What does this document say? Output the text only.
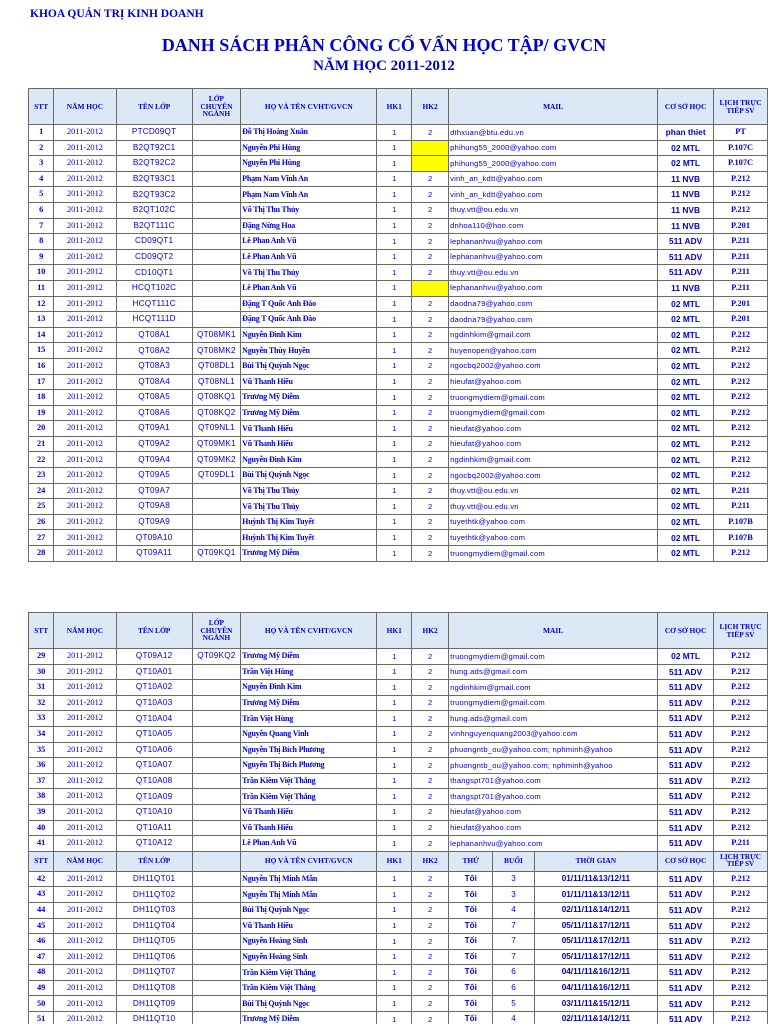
KHOA QUẢN TRỊ KINH DOANH
DANH SÁCH PHÂN CÔNG CỐ VẤN HỌC TẬP/ GVCN
NĂM HỌC 2011-2012
STT	NĂM HỌC	TÊN LỚP	LỚP CHUYÊN NGÀNH	HỌ VÀ TÊN CVHT/GVCN	HK1	HK2	MAIL	CƠ SỞ HỌC	LỊCH TRỰC TIẾP SV
1	2011-2012	PTCD09QT		Đỗ Thị Hoàng Xuân	1	2	dthxuan@btu.edu.vn	phan thiet	PT
2	2011-2012	B2QT92C1		Nguyễn Phi Hùng	1		phihung55_2000@yahoo.com	02 MTL	P.107C
3	2011-2012	B2QT92C2		Nguyễn Phi Hùng	1		phihung55_2000@yahoo.com	02 MTL	P.107C
4	2011-2012	B2QT93C1		Phạm Nam Vĩnh An	1	2	vinh_an_kdtt@yahoo.com	11 NVB	P.212
5	2011-2012	B2QT93C2		Phạm Nam Vĩnh An	1	2	vinh_an_kdtt@yahoo.com	11 NVB	P.212
6	2011-2012	B2QT102C		Võ Thị Thu Thủy	1	2	thuy.vtt@ou.edu.vn	11 NVB	P.212
7	2011-2012	B2QT111C		Đặng Nừng Hoa	1	2	dnhoa110@hoo.com	11 NVB	P.201
8	2011-2012	CD09QT1		Lê Phan Anh Vũ	1	2	lephananhvu@yahoo.com	511 ADV	P.211
9	2011-2012	CD09QT2		Lê Phan Anh Vũ	1	2	lephananhvu@yahoo.com	511 ADV	P.211
10	2011-2012	CD10QT1		Võ Thị Thu Thủy	1	2	thuy.vtt@ou.edu.vn	511 ADV	P.211
11	2011-2012	HCQT102C		Lê Phan Anh Vũ	1		lephananhvu@yahoo.com	11 NVB	P.211
12	2011-2012	HCQT111C		Đặng T Quốc Anh Đào	1	2	daodna79@yahoo.com	02 MTL	P.201
13	2011-2012	HCQT111D		Đặng T Quốc Anh Đào	1	2	daodna79@yahoo.com	02 MTL	P.201
14	2011-2012	QT08A1	QT08MK1	Nguyễn Đình Kim	1	2	ngdinhkim@gmail.com	02 MTL	P.212
15	2011-2012	QT08A2	QT08MK2	Nguyễn Thùy Huyền	1	2	huyenopen@yahoo.com	02 MTL	P.212
16	2011-2012	QT08A3	QT08DL1	Bùi Thị Quỳnh Ngọc	1	2	ngocbq2002@yahoo.com	02 MTL	P.212
17	2011-2012	QT08A4	QT08NL1	Vũ Thanh Hiếu	1	2	hieufat@yahoo.com	02 MTL	P.212
18	2011-2012	QT08A5	QT08KQ1	Trương Mỹ Diễm	1	2	truongmydiem@gmail.com	02 MTL	P.212
19	2011-2012	QT08A6	QT08KQ2	Trương Mỹ Diễm	1	2	truongmydiem@gmail.com	02 MTL	P.212
20	2011-2012	QT09A1	QT09NL1	Vũ Thanh Hiếu	1	2	hieufat@yahoo.com	02 MTL	P.212
21	2011-2012	QT09A2	QT09MK1	Vũ Thanh Hiếu	1	2	hieufat@yahoo.com	02 MTL	P.212
22	2011-2012	QT09A4	QT09MK2	Nguyễn Đình Kim	1	2	ngdinhkim@gmail.com	02 MTL	P.212
23	2011-2012	QT09A5	QT09DL1	Bùi Thị Quỳnh Ngọc	1	2	ngocbq2002@yahoo.com	02 MTL	P.212
24	2011-2012	QT09A7		Võ Thị Thu Thủy	1	2	thuy.vtt@ou.edu.vn	02 MTL	P.211
25	2011-2012	QT09A8		Võ Thị Thu Thủy	1	2	thuy.vtt@ou.edu.vn	02 MTL	P.211
26	2011-2012	QT09A9		Huỳnh Thị Kim Tuyết	1	2	tuyethtk@yahoo.com	02 MTL	P.107B
27	2011-2012	QT09A10		Huỳnh Thị Kim Tuyết	1	2	tuyethtk@yahoo.com	02 MTL	P.107B
28	2011-2012	QT09A11	QT09KQ1	Trương Mỹ Diễm	1	2	truongmydiem@gmail.com	02 MTL	P.212
STT	NĂM HỌC	TÊN LỚP	LỚP CHUYÊN NGÀNH	HỌ VÀ TÊN CVHT/GVCN	HK1	HK2	MAIL			CƠ SỞ HỌC	LỊCH TRỰC TIẾP SV
29	2011-2012	QT09A12	QT09KQ2	Trương Mỹ Diễm	1	2	truongmydiem@gmail.com			02 MTL	P.212
30	2011-2012	QT10A01		Trần Việt Hùng	1	2	hung.ads@gmail.com			511 ADV	P.212
31	2011-2012	QT10A02		Nguyễn Đình Kim	1	2	ngdinhkim@gmail.com			511 ADV	P.212
32	2011-2012	QT10A03		Trương Mỹ Diễm	1	2	truongmydiem@gmail.com			511 ADV	P.212
33	2011-2012	QT10A04		Trần Việt Hùng	1	2	hung.ads@gmail.com			511 ADV	P.212
34	2011-2012	QT10A05		Nguyễn Quang Vinh	1	2	vinhnguyenquang2003@yahoo.com			511 ADV	P.212
35	2011-2012	QT10A06		Nguyễn Thị Bích Phương	1	2	phuongntb_ou@yahoo.com; nphminh@yahoo			511 ADV	P.212
36	2011-2012	QT10A07		Nguyễn Thị Bích Phương	1	2	phuongntb_ou@yahoo.com; nphminh@yahoo			511 ADV	P.212
37	2011-2012	QT10A08		Trần Kiêm Việt Thắng	1	2	thangspt701@yahoo.com			511 ADV	P.212
38	2011-2012	QT10A09		Trần Kiêm Việt Thắng	1	2	thangspt701@yahoo.com			511 ADV	P.212
39	2011-2012	QT10A10		Vũ Thanh Hiếu	1	2	hieufat@yahoo.com			511 ADV	P.212
40	2011-2012	QT10A11		Vũ Thanh Hiếu	1	2	hieufat@yahoo.com			511 ADV	P.212
41	2011-2012	QT10A12		Lê Phan Anh Vũ	1	2	lephananhvu@yahoo.com			511 ADV	P.211
STT	NĂM HỌC	TÊN LỚP		HỌ VÀ TÊN CVHT/GVCN	HK1	HK2	THỨ	BUỔI	THỜI GIAN	CƠ SỞ HỌC	LỊCH TRỰC TIẾP SV
42	2011-2012	DH11QT01		Nguyễn Thị Minh Mẫn	1	2	Tối	3	01/11/11&13/12/11	511 ADV	P.212
43	2011-2012	DH11QT02		Nguyễn Thị Minh Mẫn	1	2	Tối	3	01/11/11&13/12/11	511 ADV	P.212
44	2011-2012	DH11QT03		Bùi Thị Quỳnh Ngọc	1	2	Tối	4	02/11/11&14/12/11	511 ADV	P.212
45	2011-2012	DH11QT04		Vũ Thanh Hiếu	1	2	Tối	7	05/11/11&17/12/11	511 ADV	P.212
46	2011-2012	DH11QT05		Nguyễn Hoàng Sinh	1	2	Tối	7	05/11/11&17/12/11	511 ADV	P.212
47	2011-2012	DH11QT06		Nguyễn Hoàng Sinh	1	2	Tối	7	05/11/11&17/12/11	511 ADV	P.212
48	2011-2012	DH11QT07		Trần Kiêm Việt Thắng	1	2	Tối	6	04/11/11&16/12/11	511 ADV	P.212
49	2011-2012	DH11QT08		Trần Kiêm Việt Thắng	1	2	Tối	6	04/11/11&16/12/11	511 ADV	P.212
50	2011-2012	DH11QT09		Bùi Thị Quỳnh Ngọc	1	2	Tối	5	03/11/11&15/12/11	511 ADV	P.212
51	2011-2012	DH11QT10		Trương Mỹ Diễm	1	2	Tối	4	02/11/11&14/12/11	511 ADV	P.212
